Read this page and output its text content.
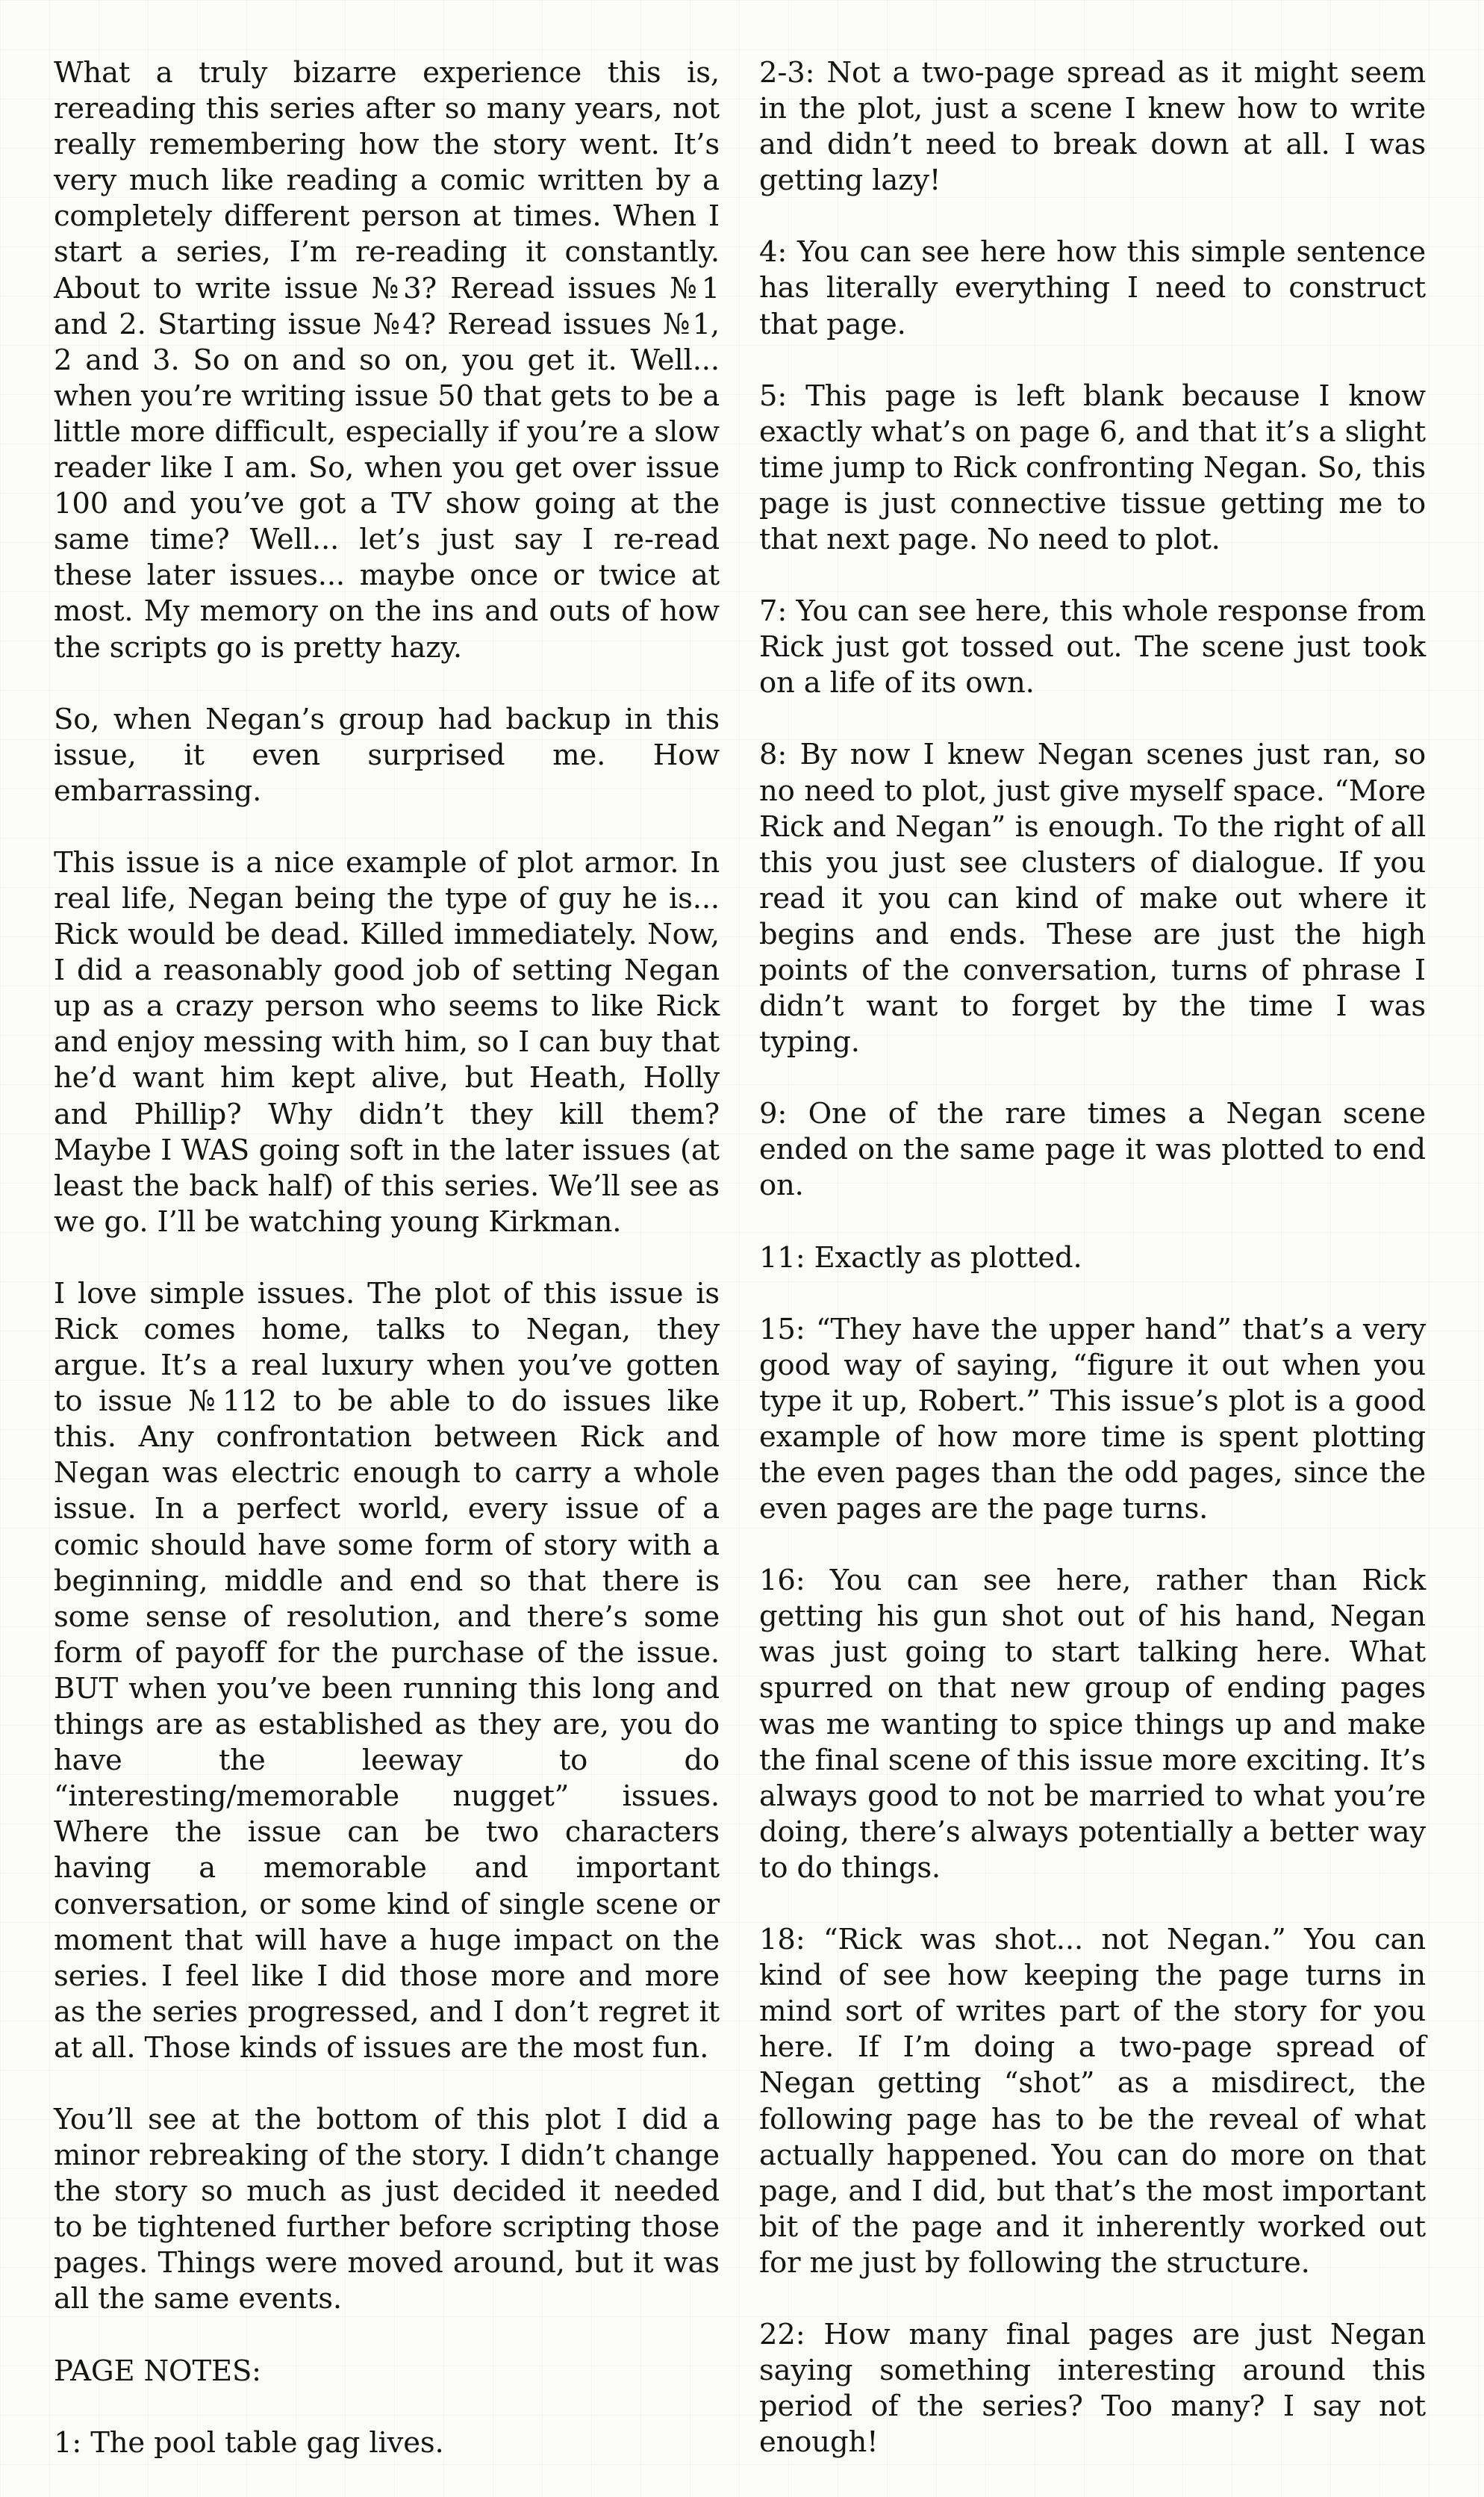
What a truly bizarre experience this is, rereading this series after so many years, not really remembering how the story went. It’s very much like reading a comic written by a completely different person at times. When I start a series, I’m re-reading it constantly. About to write issue №3? Reread issues №1 and 2. Starting issue №4? Reread issues №1, 2 and 3. So on and so on, you get it. Well... when you’re writing issue 50 that gets to be a little more difficult, especially if you’re a slow reader like I am. So, when you get over issue 100 and you’ve got a TV show going at the same time? Well... let’s just say I re-read these later issues... maybe once or twice at most. My memory on the ins and outs of how the scripts go is pretty hazy.

So, when Negan’s group had backup in this issue, it even surprised me. How embarrassing.

This issue is a nice example of plot armor. In real life, Negan being the type of guy he is... Rick would be dead. Killed immediately. Now, I did a reasonably good job of setting Negan up as a crazy person who seems to like Rick and enjoy messing with him, so I can buy that he’d want him kept alive, but Heath, Holly and Phillip? Why didn’t they kill them? Maybe I WAS going soft in the later issues (at least the back half) of this series. We’ll see as we go. I’ll be watching young Kirkman.

I love simple issues. The plot of this issue is Rick comes home, talks to Negan, they argue. It’s a real luxury when you’ve gotten to issue №112 to be able to do issues like this. Any confrontation between Rick and Negan was electric enough to carry a whole issue. In a perfect world, every issue of a comic should have some form of story with a beginning, middle and end so that there is some sense of resolution, and there’s some form of payoff for the purchase of the issue. BUT when you’ve been running this long and things are as established as they are, you do have the leeway to do “interesting/memorable nugget” issues. Where the issue can be two characters having a memorable and important conversation, or some kind of single scene or moment that will have a huge impact on the series. I feel like I did those more and more as the series progressed, and I don’t regret it at all. Those kinds of issues are the most fun.

You’ll see at the bottom of this plot I did a minor rebreaking of the story. I didn’t change the story so much as just decided it needed to be tightened further before scripting those pages. Things were moved around, but it was all the same events.

PAGE NOTES:

1: The pool table gag lives.

2-3: Not a two-page spread as it might seem in the plot, just a scene I knew how to write and didn’t need to break down at all. I was getting lazy!

4: You can see here how this simple sentence has literally everything I need to construct that page.

5: This page is left blank because I know exactly what’s on page 6, and that it’s a slight time jump to Rick confronting Negan. So, this page is just connective tissue getting me to that next page. No need to plot.

7: You can see here, this whole response from Rick just got tossed out. The scene just took on a life of its own.

8: By now I knew Negan scenes just ran, so no need to plot, just give myself space. “More Rick and Negan” is enough. To the right of all this you just see clusters of dialogue. If you read it you can kind of make out where it begins and ends. These are just the high points of the conversation, turns of phrase I didn’t want to forget by the time I was typing.

9: One of the rare times a Negan scene ended on the same page it was plotted to end on.

11: Exactly as plotted.

15: “They have the upper hand” that’s a very good way of saying, “figure it out when you type it up, Robert.” This issue’s plot is a good example of how more time is spent plotting the even pages than the odd pages, since the even pages are the page turns.

16: You can see here, rather than Rick getting his gun shot out of his hand, Negan was just going to start talking here. What spurred on that new group of ending pages was me wanting to spice things up and make the final scene of this issue more exciting. It’s always good to not be married to what you’re doing, there’s always potentially a better way to do things.

18: “Rick was shot... not Negan.” You can kind of see how keeping the page turns in mind sort of writes part of the story for you here. If I’m doing a two-page spread of Negan getting “shot” as a misdirect, the following page has to be the reveal of what actually happened. You can do more on that page, and I did, but that’s the most important bit of the page and it inherently worked out for me just by following the structure.

22: How many final pages are just Negan saying something interesting around this period of the series? Too many? I say not enough!
